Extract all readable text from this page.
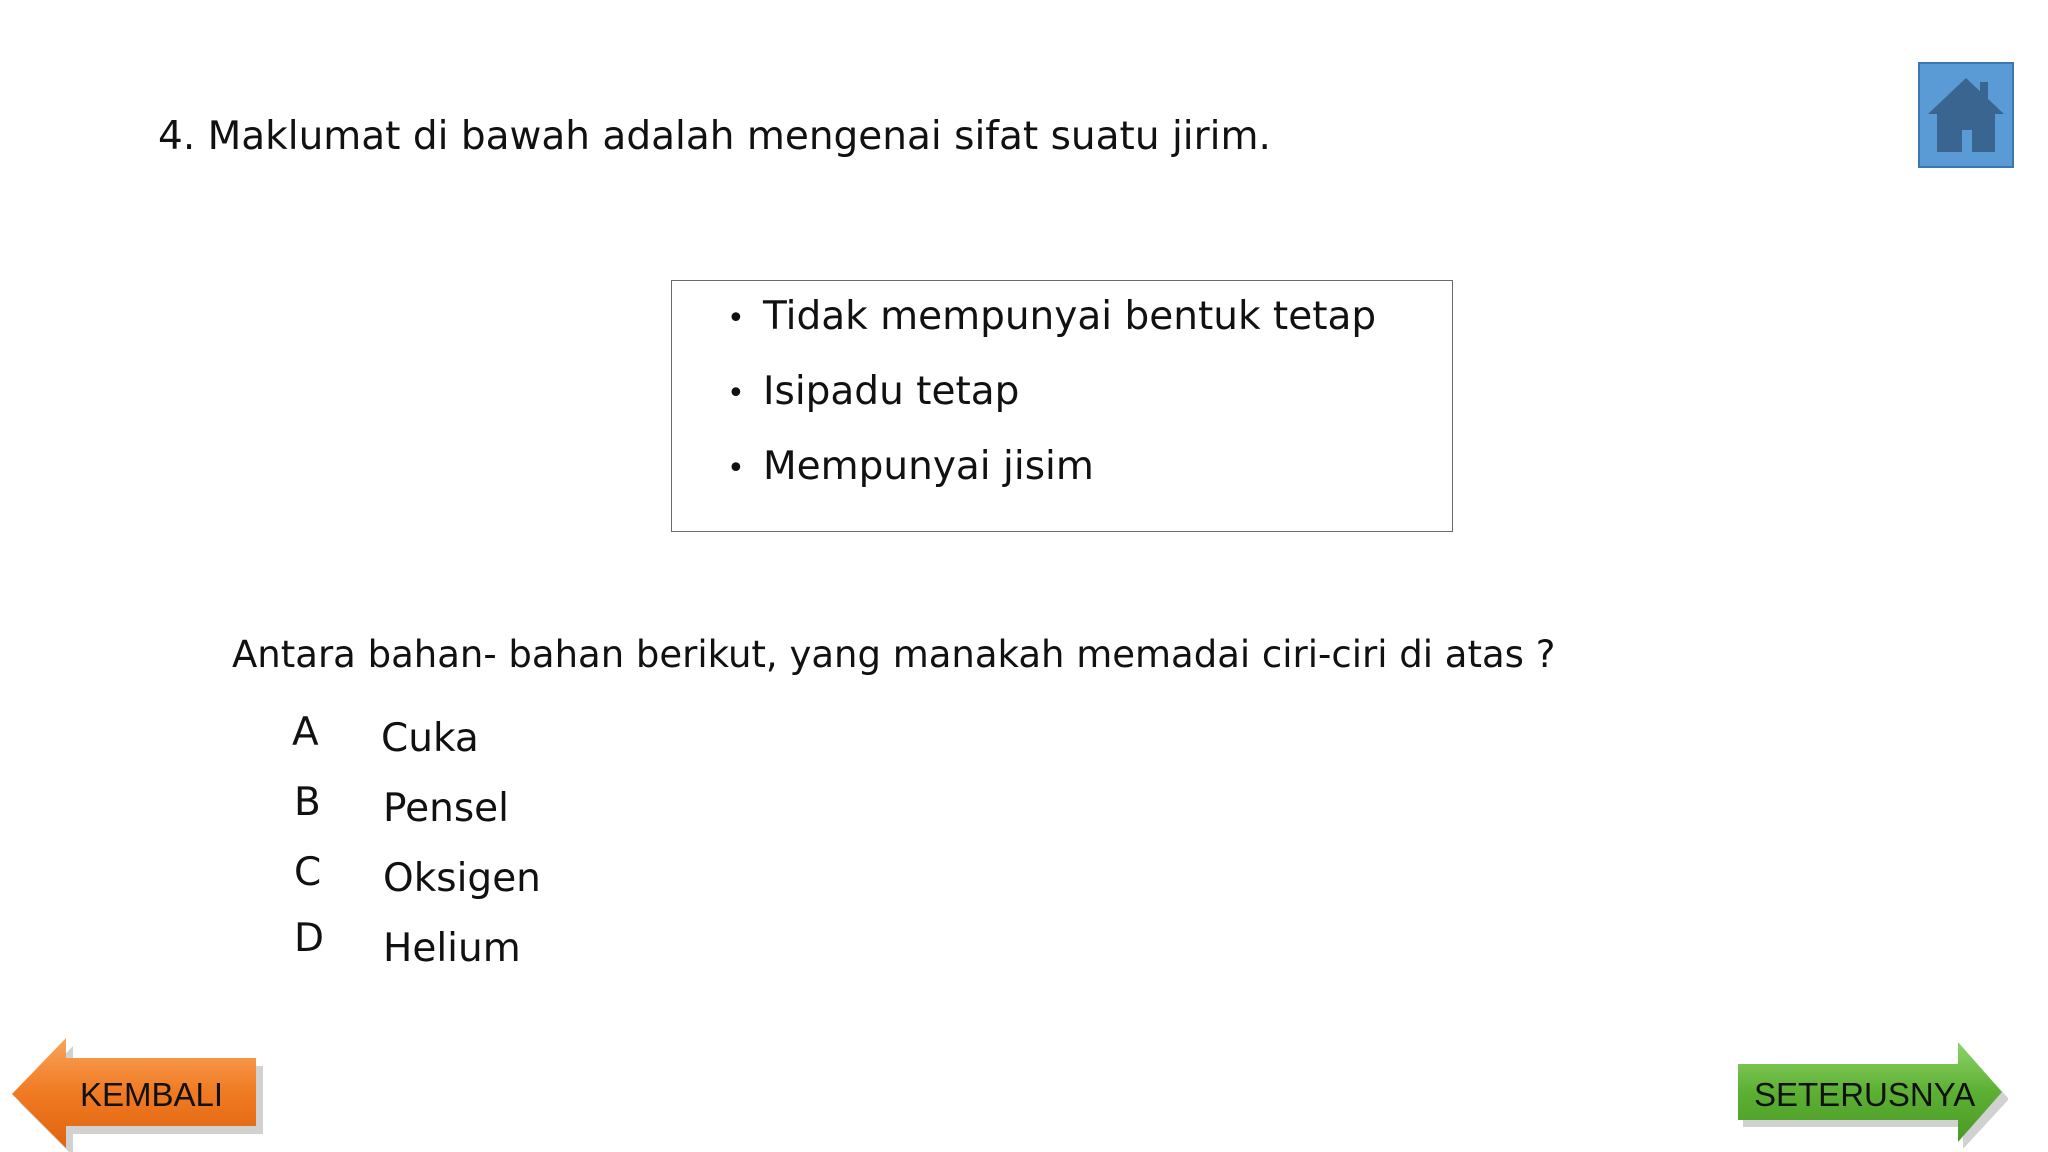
4. Maklumat di bawah adalah mengenai sifat suatu jirim.
• Tidak mempunyai bentuk tetap
• Isipadu tetap
• Mempunyai jisim

Antara bahan- bahan berikut, yang manakah memadai ciri-ciri di atas ?

A	Cuka
B	Pensel
C	Oksigen
D Helium
KEMBALI	SETERUSNYA
